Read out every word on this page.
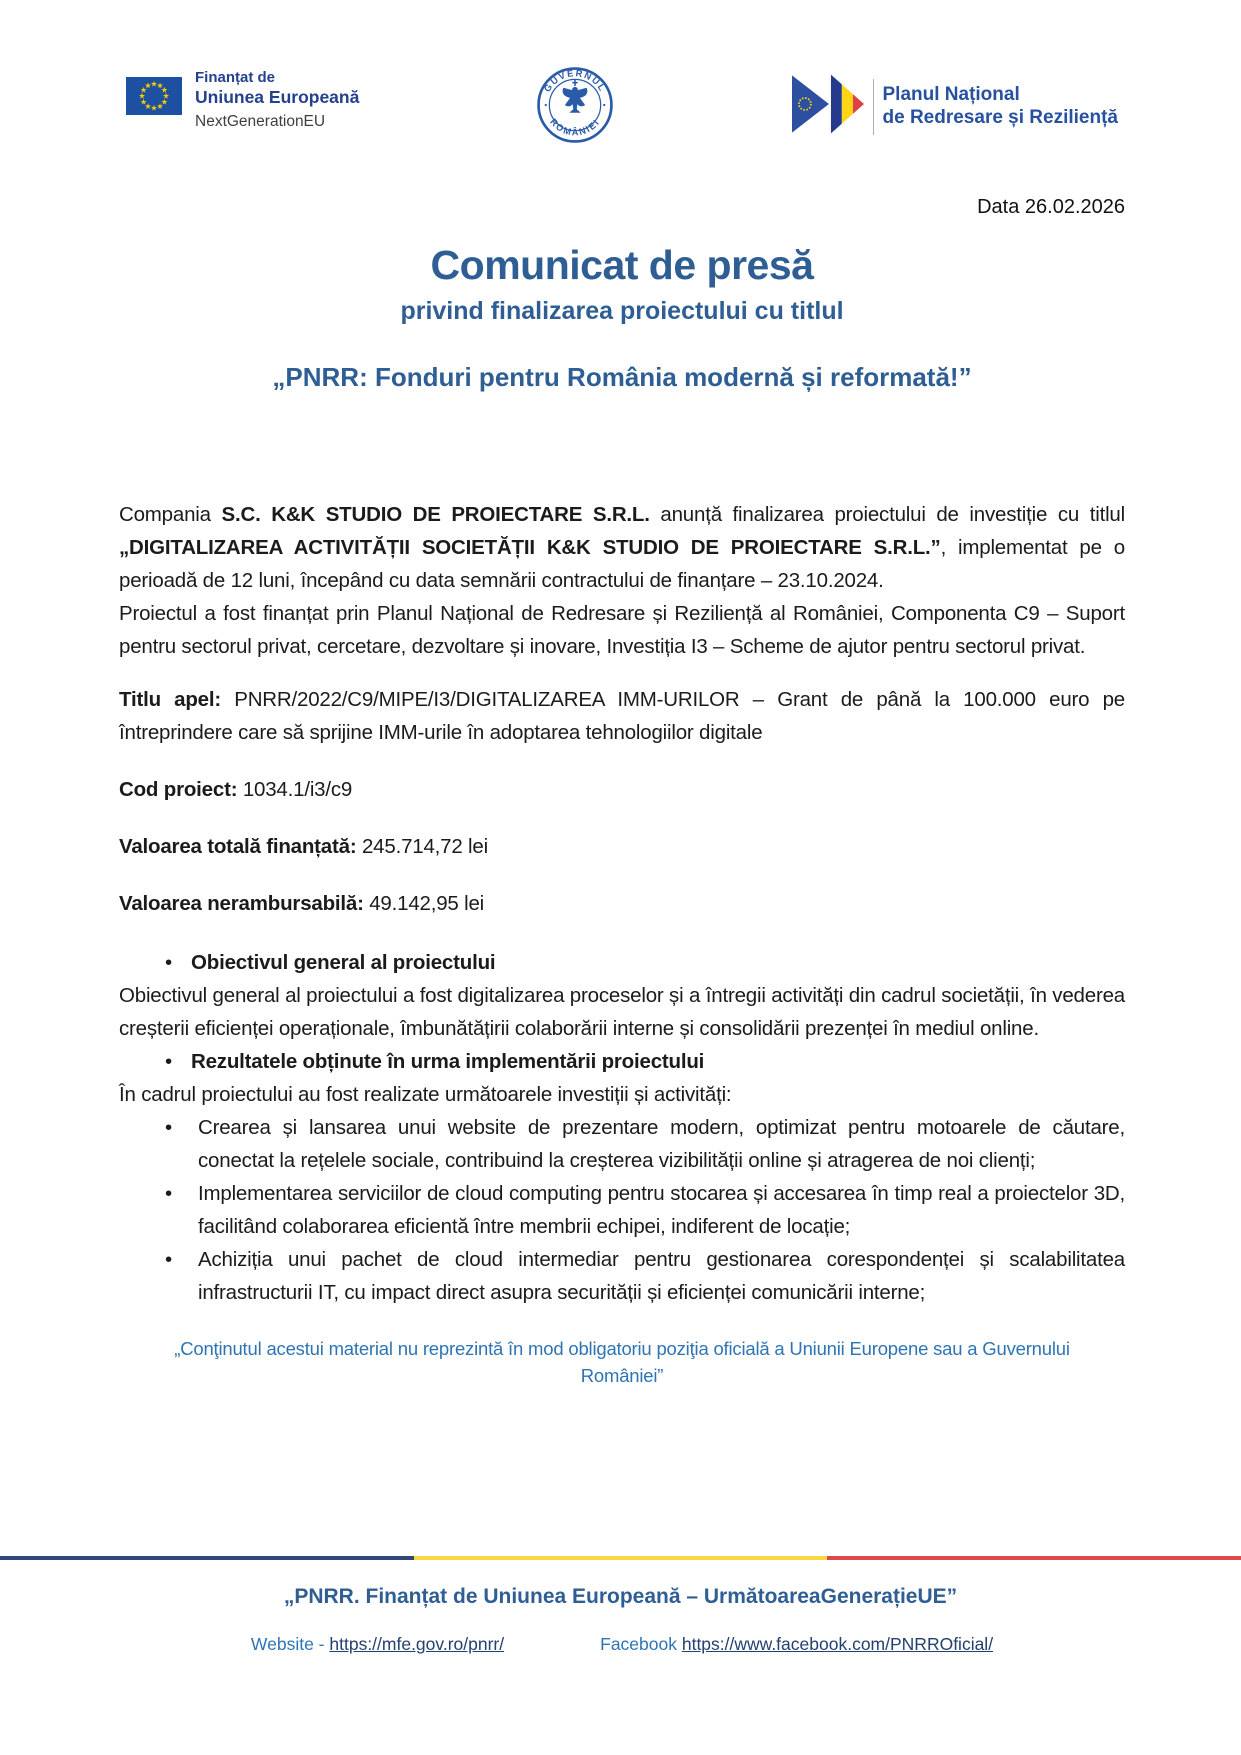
Finanțat de
Uniunea Europeană
NextGenerationEU
GUVERNUL
ROMÂNIEI
Planul Național
de Redresare și Reziliență
Data 26.02.2026
Comunicat de presă
privind finalizarea proiectului cu titlul
„PNRR: Fonduri pentru România modernă și reformată!”
Compania S.C. K&K STUDIO DE PROIECTARE S.R.L. anunță finalizarea proiectului de investiție cu titlul „DIGITALIZAREA ACTIVITĂȚII SOCIETĂȚII K&K STUDIO DE PROIECTARE S.R.L.”, implementat pe o perioadă de 12 luni, începând cu data semnării contractului de finanțare – 23.10.2024.
Proiectul a fost finanțat prin Planul Național de Redresare și Reziliență al României, Componenta C9 – Suport pentru sectorul privat, cercetare, dezvoltare și inovare, Investiția I3 – Scheme de ajutor pentru sectorul privat.
Titlu apel: PNRR/2022/C9/MIPE/I3/DIGITALIZAREA IMM-URILOR – Grant de până la 100.000 euro pe întreprindere care să sprijine IMM-urile în adoptarea tehnologiilor digitale
Cod proiect: 1034.1/i3/c9
Valoarea totală finanțată: 245.714,72 lei
Valoarea nerambursabilă: 49.142,95 lei
• Obiectivul general al proiectului
Obiectivul general al proiectului a fost digitalizarea proceselor și a întregii activități din cadrul societății, în vederea creșterii eficienței operaționale, îmbunătățirii colaborării interne și consolidării prezenței în mediul online.
• Rezultatele obținute în urma implementării proiectului
În cadrul proiectului au fost realizate următoarele investiții și activități:
• Crearea și lansarea unui website de prezentare modern, optimizat pentru motoarele de căutare, conectat la rețelele sociale, contribuind la creșterea vizibilității online și atragerea de noi clienți;
• Implementarea serviciilor de cloud computing pentru stocarea și accesarea în timp real a proiectelor 3D, facilitând colaborarea eficientă între membrii echipei, indiferent de locație;
• Achiziția unui pachet de cloud intermediar pentru gestionarea corespondenței și scalabilitatea infrastructurii IT, cu impact direct asupra securității și eficienței comunicării interne;
„Conţinutul acestui material nu reprezintă în mod obligatoriu poziţia oficială a Uniunii Europene sau a Guvernului României”
„PNRR. Finanțat de Uniunea Europeană – UrmătoareaGenerațieUE”
Website - https://mfe.gov.ro/pnrr/	Facebook https://www.facebook.com/PNRROficial/
